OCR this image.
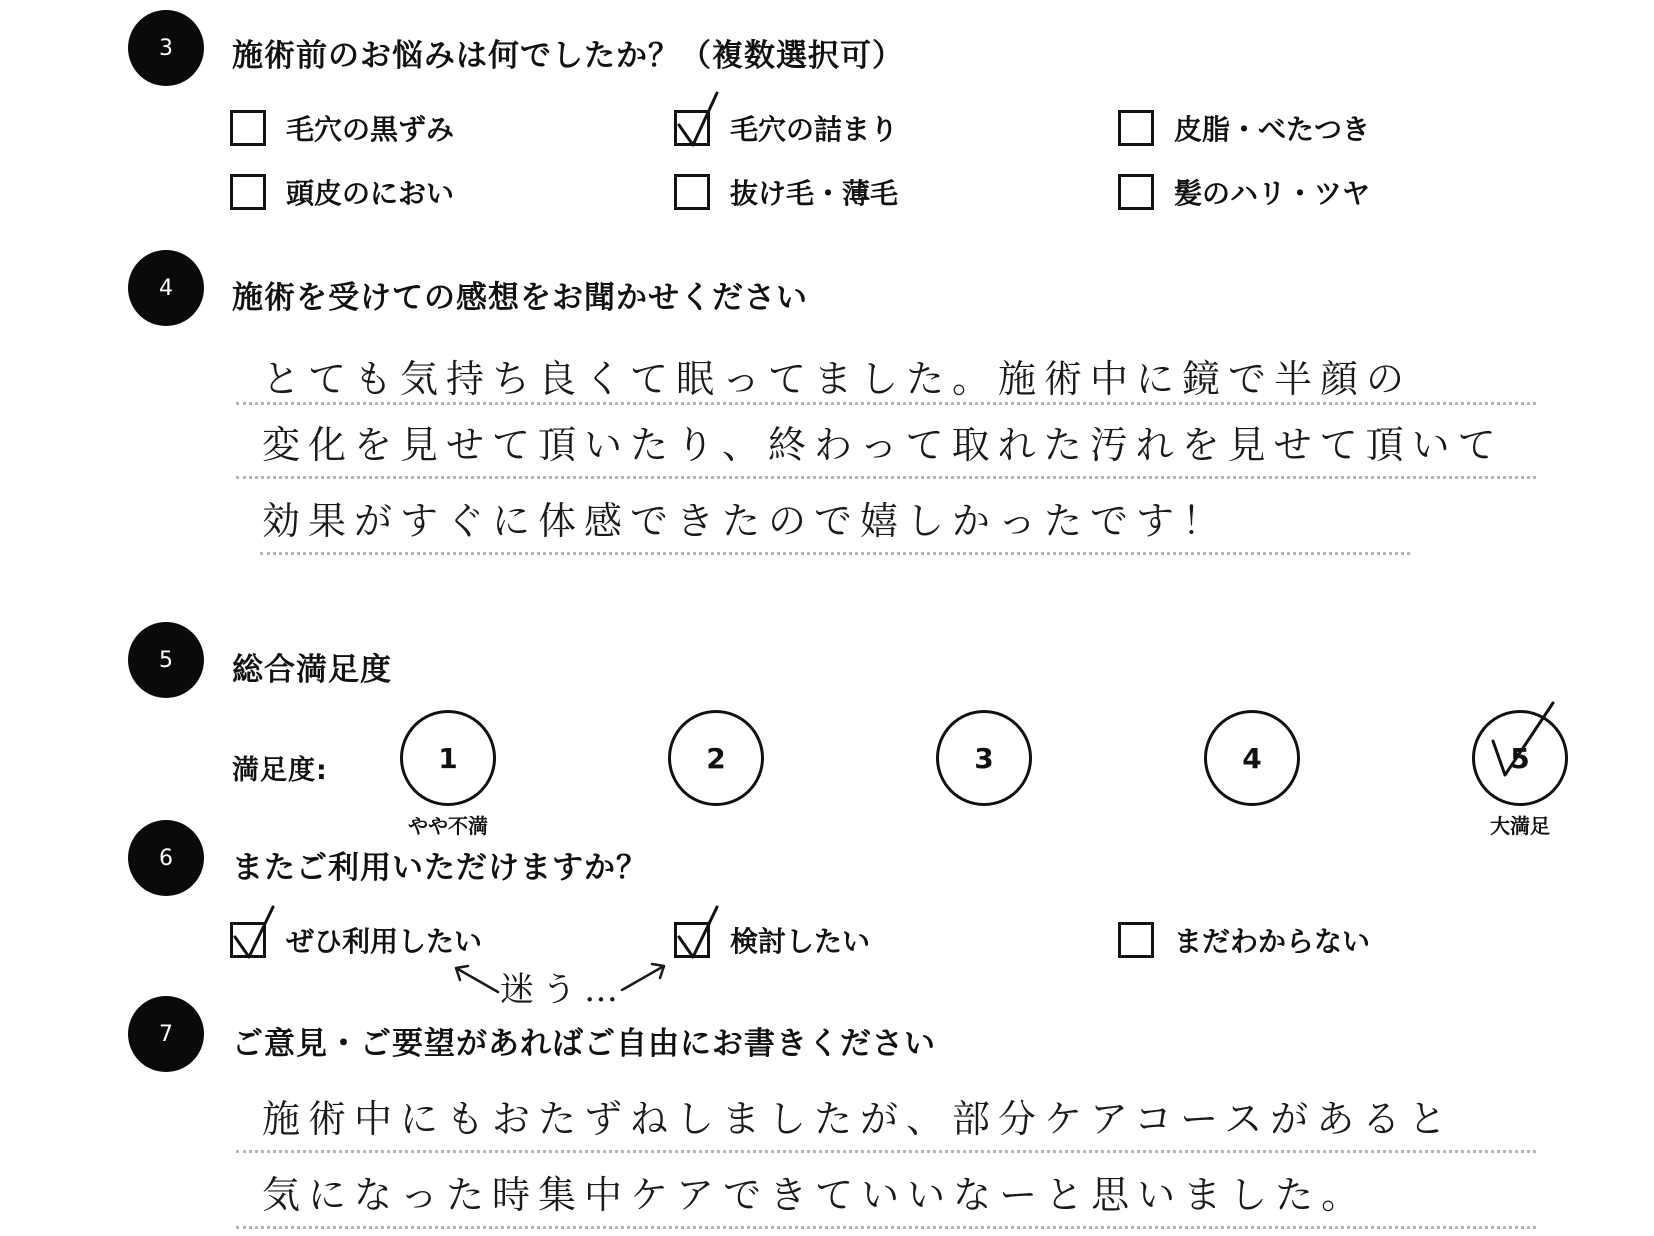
3	施術前のお悩みは何でしたか？（複数選択可）
毛穴の黒ずみ	毛穴の詰まり	皮脂・べたつき
頭皮のにおい	抜け毛・薄毛	髪のハリ・ツヤ
4	施術を受けての感想をお聞かせください
とても気持ち良くて眠ってました。施術中に鏡で半顔の
変化を見せて頂いたり、終わって取れた汚れを見せて頂いて
効果がすぐに体感できたので嬉しかったです！
5	総合満足度
満足度:	1	2	3	4	5
やや不満	大満足
6	またご利用いただけますか？
ぜひ利用したい	検討したい	まだわからない
迷う…
7	ご意見・ご要望があればご自由にお書きください
施術中にもおたずねしましたが、部分ケアコースがあると
気になった時集中ケアできていいなーと思いました。
